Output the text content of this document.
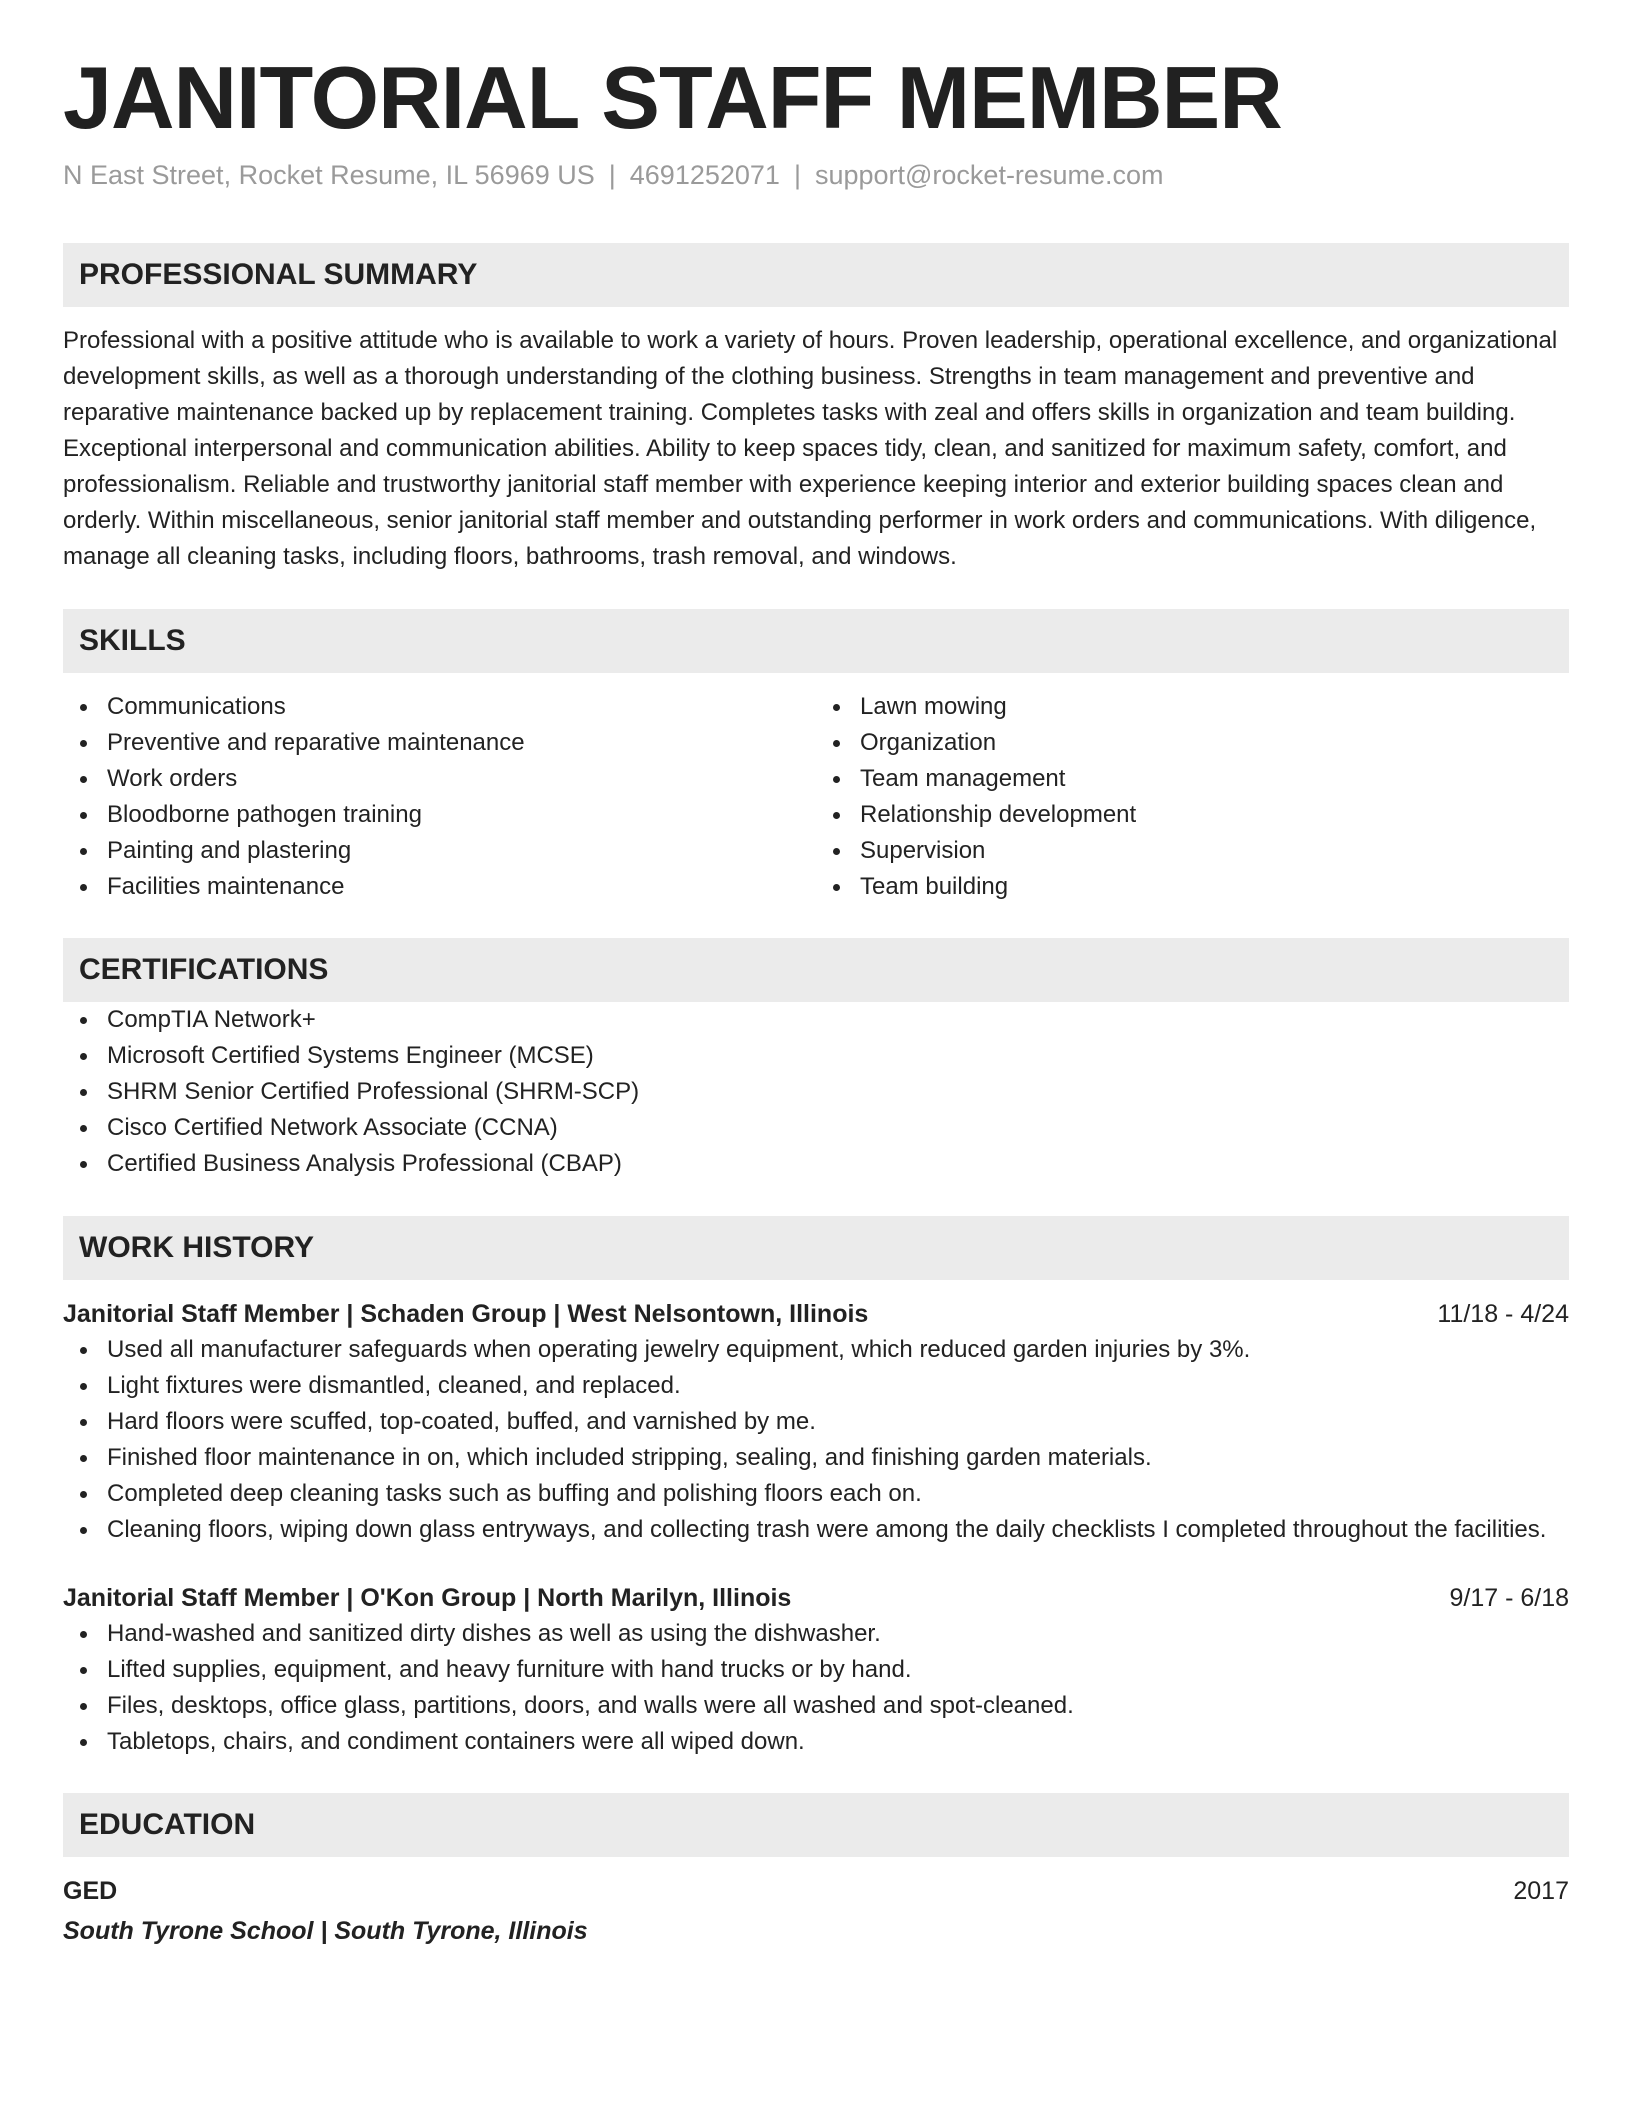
JANITORIAL STAFF MEMBER
N East Street, Rocket Resume, IL 56969 US | 4691252071 | support@rocket-resume.com
PROFESSIONAL SUMMARY

Professional with a positive attitude who is available to work a variety of hours. Proven leadership, operational excellence, and organizational development skills, as well as a thorough understanding of the clothing business. Strengths in team management and preventive and reparative maintenance backed up by replacement training. Completes tasks with zeal and offers skills in organization and team building. Exceptional interpersonal and communication abilities. Ability to keep spaces tidy, clean, and sanitized for maximum safety, comfort, and professionalism. Reliable and trustworthy janitorial staff member with experience keeping interior and exterior building spaces clean and orderly. Within miscellaneous, senior janitorial staff member and outstanding performer in work orders and communications. With diligence, manage all cleaning tasks, including floors, bathrooms, trash removal, and windows.

SKILLS
Communications
Preventive and reparative maintenance
Work orders
Bloodborne pathogen training
Painting and plastering
Facilities maintenance
Lawn mowing
Organization
Team management
Relationship development
Supervision
Team building
CERTIFICATIONS
CompTIA Network+
Microsoft Certified Systems Engineer (MCSE)
SHRM Senior Certified Professional (SHRM-SCP)
Cisco Certified Network Associate (CCNA)
Certified Business Analysis Professional (CBAP)
WORK HISTORY
Janitorial Staff Member | Schaden Group | West Nelsontown, Illinois	11/18 - 4/24
Used all manufacturer safeguards when operating jewelry equipment, which reduced garden injuries by 3%.
Light fixtures were dismantled, cleaned, and replaced.
Hard floors were scuffed, top-coated, buffed, and varnished by me.
Finished floor maintenance in on, which included stripping, sealing, and finishing garden materials.
Completed deep cleaning tasks such as buffing and polishing floors each on.
Cleaning floors, wiping down glass entryways, and collecting trash were among the daily checklists I completed throughout the facilities.
Janitorial Staff Member | O'Kon Group | North Marilyn, Illinois	9/17 - 6/18
Hand-washed and sanitized dirty dishes as well as using the dishwasher.
Lifted supplies, equipment, and heavy furniture with hand trucks or by hand.
Files, desktops, office glass, partitions, doors, and walls were all washed and spot-cleaned.
Tabletops, chairs, and condiment containers were all wiped down.
EDUCATION
GED	2017
South Tyrone School | South Tyrone, Illinois
